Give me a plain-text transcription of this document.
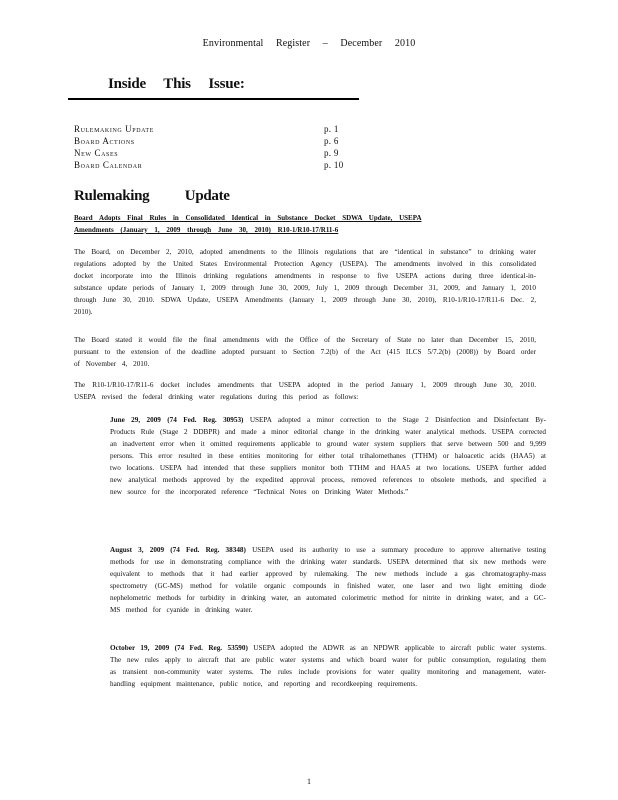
Environmental Register – December 2010
Inside This Issue:
Rulemaking Update	p. 1
Board Actions	p. 6
New Cases	p. 9
Board Calendar	p. 10
Rulemaking Update
Board Adopts Final Rules in Consolidated Identical in Substance Docket SDWA Update, USEPA
Amendments (January 1, 2009 through June 30, 2010) R10-1/R10-17/R11-6

The Board, on December 2, 2010, adopted amendments to the Illinois regulations that are “identical in substance” to drinking water regulations adopted by the United States Environmental Protection Agency (USEPA). The amendments involved in this consolidated docket incorporate into the Illinois drinking regulations amendments in response to five USEPA actions during three identical-in-substance update periods of January 1, 2009 through June 30, 2009, July 1, 2009 through December 31, 2009, and January 1, 2010 through June 30, 2010. SDWA Update, USEPA Amendments (January 1, 2009 through June 30, 2010), R10-1/R10-17/R11-6 Dec. 2, 2010).

The Board stated it would file the final amendments with the Office of the Secretary of State no later than December 15, 2010, pursuant to the extension of the deadline adopted pursuant to Section 7.2(b) of the Act (415 ILCS 5/7.2(b) (2008)) by Board order of November 4, 2010.

The R10-1/R10-17/R11-6 docket includes amendments that USEPA adopted in the period January 1, 2009 through June 30, 2010. USEPA revised the federal drinking water regulations during this period as follows:

June 29, 2009 (74 Fed. Reg. 30953) USEPA adopted a minor correction to the Stage 2 Disinfection and Disinfectant By-Products Rule (Stage 2 DDBPR) and made a minor editorial change in the drinking water analytical methods. USEPA corrected an inadvertent error when it omitted requirements applicable to ground water system suppliers that serve between 500 and 9,999 persons. This error resulted in these entities monitoring for either total trihalomethanes (TTHM) or haloacetic acids (HAA5) at two locations. USEPA had intended that these suppliers monitor both TTHM and HAA5 at two locations. USEPA further added new analytical methods approved by the expedited approval process, removed references to obsolete methods, and specified a new source for the incorporated reference “Technical Notes on Drinking Water Methods.”

August 3, 2009 (74 Fed. Reg. 38348) USEPA used its authority to use a summary procedure to approve alternative testing methods for use in demonstrating compliance with the drinking water standards. USEPA determined that six new methods were equivalent to methods that it had earlier approved by rulemaking. The new methods include a gas chromatography-mass spectrometry (GC-MS) method for volatile organic compounds in finished water, one laser and two light emitting diode nephelometric methods for turbidity in drinking water, an automated colorimetric method for nitrite in drinking water, and a GC-MS method for cyanide in drinking water.

October 19, 2009 (74 Fed. Reg. 53590) USEPA adopted the ADWR as an NPDWR applicable to aircraft public water systems. The new rules apply to aircraft that are public water systems and which board water for public consumption, regulating them as transient non-community water systems. The rules include provisions for water quality monitoring and management, water-handling equipment maintenance, public notice, and reporting and recordkeeping requirements.

1
